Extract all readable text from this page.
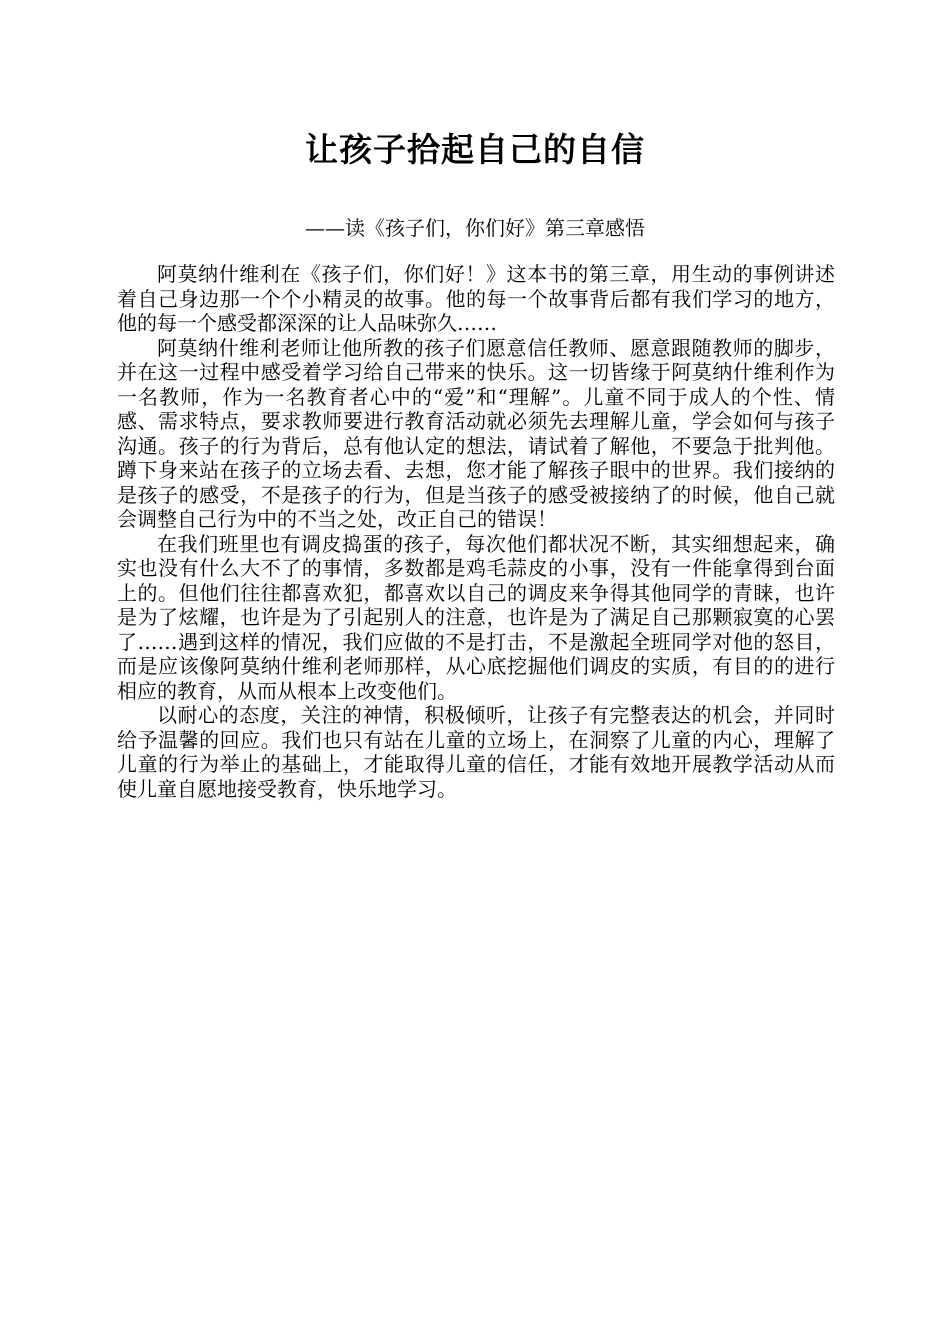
让孩子拾起自己的自信
——读《孩子们，你们好》第三章感悟

阿莫纳什维利在《孩子们，你们好！》这本书的第三章，用生动的事例讲述着自己身边那一个个小精灵的故事。他的每一个故事背后都有我们学习的地方，他的每一个感受都深深的让人品味弥久……

阿莫纳什维利老师让他所教的孩子们愿意信任教师、愿意跟随教师的脚步，并在这一过程中感受着学习给自己带来的快乐。这一切皆缘于阿莫纳什维利作为一名教师，作为一名教育者心中的“爱”和“理解”。儿童不同于成人的个性、情感、需求特点，要求教师要进行教育活动就必须先去理解儿童，学会如何与孩子沟通。孩子的行为背后，总有他认定的想法，请试着了解他，不要急于批判他。蹲下身来站在孩子的立场去看、去想，您才能了解孩子眼中的世界。我们接纳的是孩子的感受，不是孩子的行为，但是当孩子的感受被接纳了的时候，他自己就会调整自己行为中的不当之处，改正自己的错误！

在我们班里也有调皮捣蛋的孩子，每次他们都状况不断，其实细想起来，确实也没有什么大不了的事情，多数都是鸡毛蒜皮的小事，没有一件能拿得到台面上的。但他们往往都喜欢犯，都喜欢以自己的调皮来争得其他同学的青睐，也许是为了炫耀，也许是为了引起别人的注意，也许是为了满足自己那颗寂寞的心罢了……遇到这样的情况，我们应做的不是打击，不是激起全班同学对他的怒目，而是应该像阿莫纳什维利老师那样，从心底挖掘他们调皮的实质，有目的的进行相应的教育，从而从根本上改变他们。

以耐心的态度，关注的神情，积极倾听，让孩子有完整表达的机会，并同时给予温馨的回应。我们也只有站在儿童的立场上，在洞察了儿童的内心，理解了儿童的行为举止的基础上，才能取得儿童的信任，才能有效地开展教学活动从而使儿童自愿地接受教育，快乐地学习。
